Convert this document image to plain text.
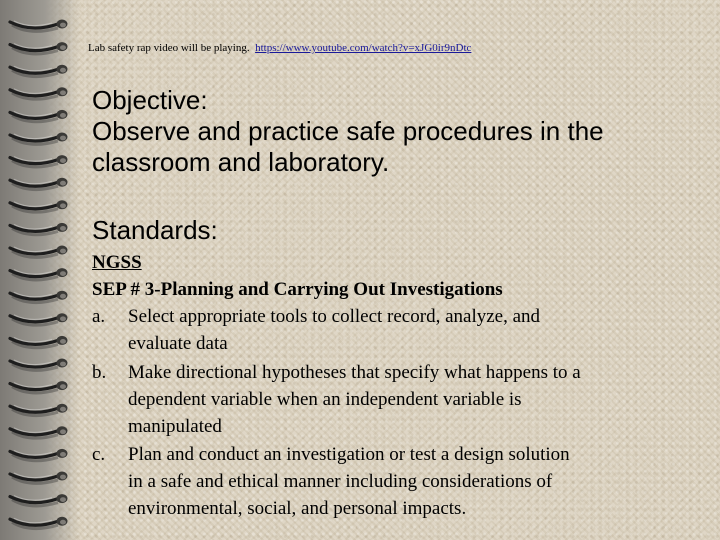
Lab safety rap video will be playing. https://www.youtube.com/watch?v=xJG0ir9nDtc

Objective:

Observe and practice safe procedures in the

classroom and laboratory.

Standards:

NGSS

SEP # 3-Planning and Carrying Out Investigations

a. Select appropriate tools to collect record, analyze, and
evaluate data
b. Make directional hypotheses that specify what happens to a
dependent variable when an independent variable is
manipulated
c. Plan and conduct an investigation or test a design solution
in a safe and ethical manner including considerations of
environmental, social, and personal impacts.
